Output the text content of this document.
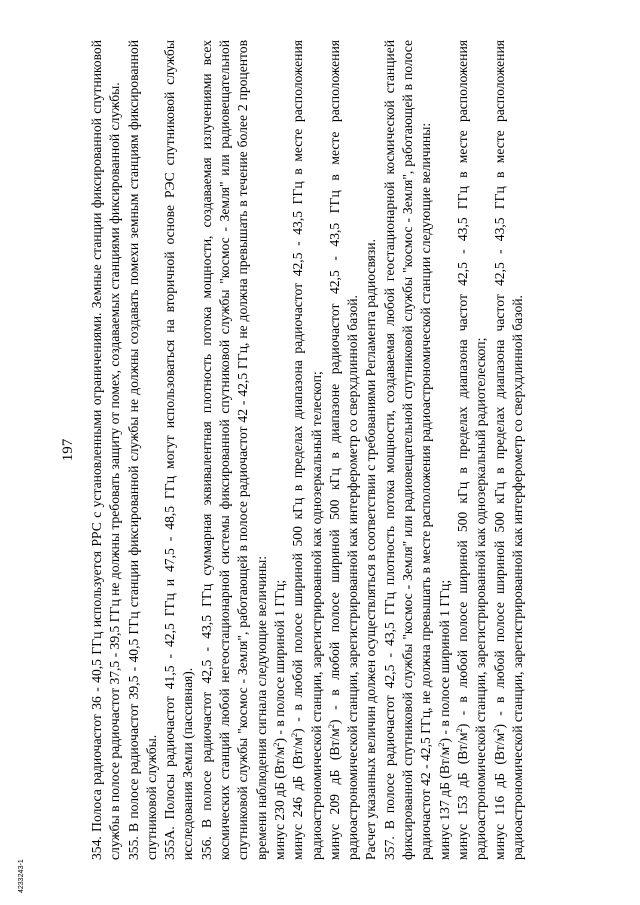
197 354. Полоса радиочастот 36 - 40,5 ГГц используется РРС с установленными ограничениями. Земные станции фиксированной спутниковой службы в полосе радиочастот 37,5 - 39,5 ГГц не должны требовать защиту от помех, создаваемых станциями фиксированной службы. 355. В полосе радиочастот 39,5 - 40,5 ГГц станции фиксированной службы не должны создавать помехи земным станциям фиксированной спутниковой службы. 355А. Полосы радиочастот 41,5 - 42,5 ГГц и 47,5 - 48,5 ГГц могут использоваться на вторичной основе РЭС спутниковой службы исследования Земли (пассивная). 356. В полосе радиочастот 42,5 - 43,5 ГГц суммарная эквивалентная плотность потока мощности, создаваемая излучениями всех космических станций любой негеостационарной системы фиксированной спутниковой службы "космос - Земля" или радиовещательной спутниковой службы "космос - Земля", работающей в полосе радиочастот 42 - 42,5 ГГц, не должна превышать в течение более 2 процентов времени наблюдения сигнала следующие величины: минус 230 дБ $(Вт/м^2)$ - в полосе шириной 1 ГГц;

минус 246 дБ $(Вт/м^2)$ - в любой полосе шириной 500 кГц в пределах диапазона радиочастот 42,5 - 43,5 ГГц в месте расположения радиоастрономической станции, зарегистрированной как однозеркальный телескоп; минус 209 дБ $(Вт/м^2)$ - в любой полосе шириной 500 кГц в диапазоне радиочастот 42,5 - 43,5 ГГц в месте расположения радиоастрономической станции, зарегистрированной как интерферометр со сверхдлинной базой. Расчет указанных величин должен осуществляться в соответствии с требованиями Регламента радиосвязи. 357. В полосе радиочастот 42,5 - 43,5 ГГц плотность потока мощности, создаваемая любой геостационарной космической станцией фиксированной спутниковой службы "космос - Земля" или радиовещательной спутниковой службы "космос - Земля", работающей в полосе радиочастот 42 - 42,5 ГГц, не должна превышать в месте расположения радиоастрономической станции следующие величины: минус 137 дБ $(Вт/м^2)$ - в полосе шириной 1 ГГц;

минус 153 дБ $(Вт/м^2)$ - в любой полосе шириной 500 кГц в пределах диапазона частот 42,5 - 43,5 ГГц в месте расположения радиоастрономической станции, зарегистрированной как однозеркальный радиотелескоп; минус 116 дБ $(Вт/м^2)$ - в любой полосе шириной 500 кГц в пределах диапазона частот 42,5 - 43,5 ГГц в месте расположения радиоастрономической станции, зарегистрированной как интерферометр со сверхдлинной базой.

423324З-1
